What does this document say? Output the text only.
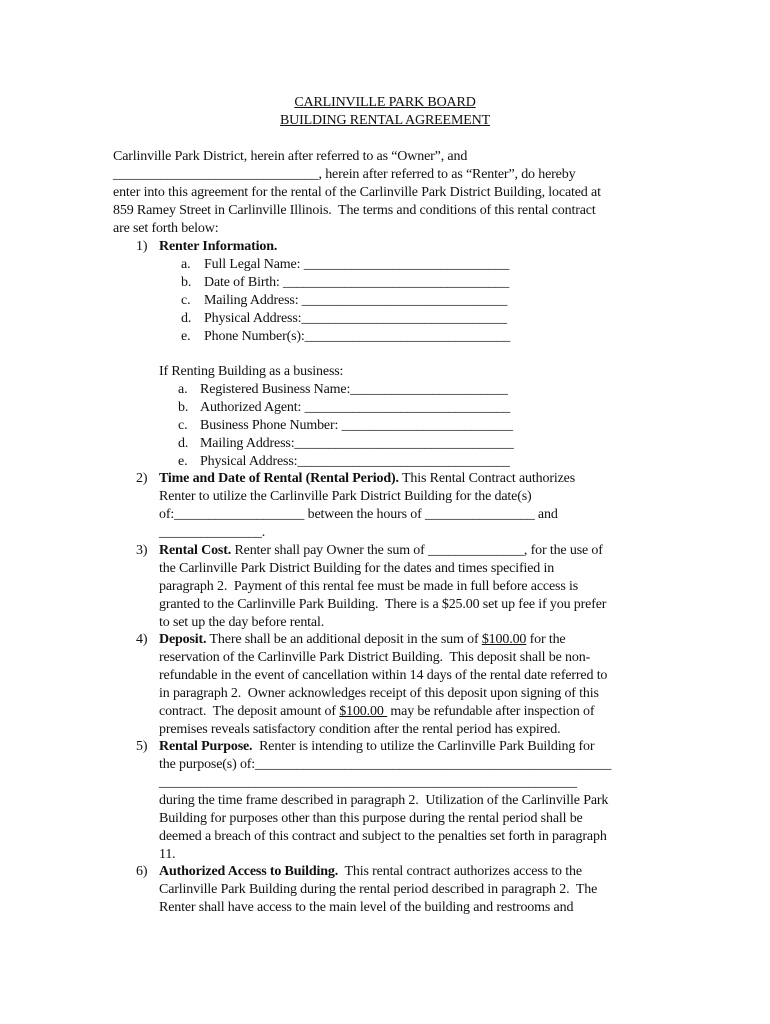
CARLINVILLE PARK BOARD
BUILDING RENTAL AGREEMENT
Carlinville Park District, herein after referred to as “Owner”, and
______________________________, herein after referred to as “Renter”, do hereby
enter into this agreement for the rental of the Carlinville Park District Building, located at
859 Ramey Street in Carlinville Illinois.  The terms and conditions of this rental contract
are set forth below:
1) Renter Information.
a. Full Legal Name: ______________________________
b. Date of Birth: _________________________________
c. Mailing Address: ______________________________
d. Physical Address:______________________________
e. Phone Number(s):______________________________
If Renting Building as a business:
a. Registered Business Name:_______________________
b. Authorized Agent: ______________________________
c. Business Phone Number: _________________________
d. Mailing Address:________________________________
e. Physical Address:_______________________________
2) Time and Date of Rental (Rental Period). This Rental Contract authorizes
Renter to utilize the Carlinville Park District Building for the date(s)
of:___________________ between the hours of ________________ and
_______________.
3) Rental Cost. Renter shall pay Owner the sum of ______________, for the use of
the Carlinville Park District Building for the dates and times specified in
paragraph 2.  Payment of this rental fee must be made in full before access is
granted to the Carlinville Park Building.  There is a $25.00 set up fee if you prefer
to set up the day before rental.
4) Deposit. There shall be an additional deposit in the sum of $100.00 for the
reservation of the Carlinville Park District Building.  This deposit shall be non-
refundable in the event of cancellation within 14 days of the rental date referred to
in paragraph 2.  Owner acknowledges receipt of this deposit upon signing of this
contract.  The deposit amount of $100.00  may be refundable after inspection of
premises reveals satisfactory condition after the rental period has expired.
5) Rental Purpose.  Renter is intending to utilize the Carlinville Park Building for
the purpose(s) of:____________________________________________________
_____________________________________________________________
during the time frame described in paragraph 2.  Utilization of the Carlinville Park
Building for purposes other than this purpose during the rental period shall be
deemed a breach of this contract and subject to the penalties set forth in paragraph
11.
6) Authorized Access to Building.  This rental contract authorizes access to the
Carlinville Park Building during the rental period described in paragraph 2.  The
Renter shall have access to the main level of the building and restrooms and
